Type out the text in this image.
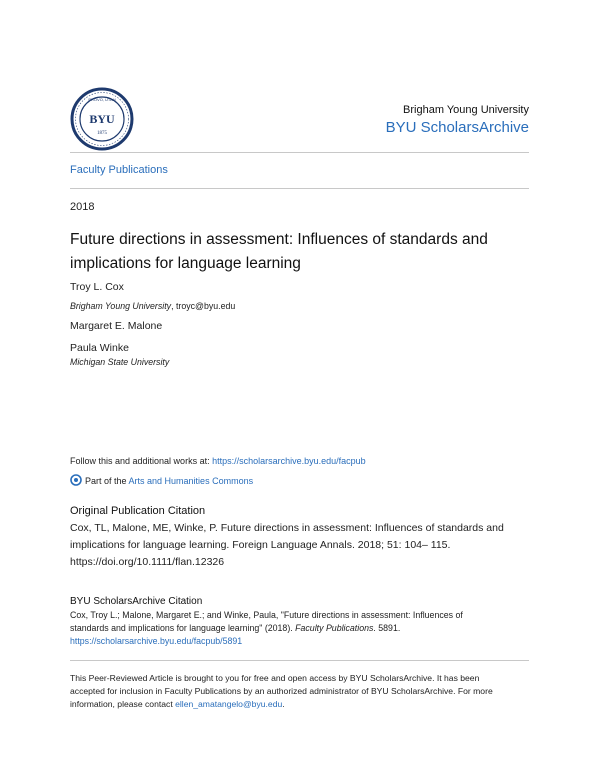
BYU
1875
PROVO, UTAH
Brigham Young University
BYU ScholarsArchive
Faculty Publications
2018
Future directions in assessment: Influences of standards and implications for language learning
Troy L. Cox
Brigham Young University, troyc@byu.edu
Margaret E. Malone
Paula Winke
Michigan State University
Follow this and additional works at: https://scholarsarchive.byu.edu/facpub
Part of the Arts and Humanities Commons
Original Publication Citation
Cox, TL, Malone, ME, Winke, P. Future directions in assessment: Influences of standards and
implications for language learning. Foreign Language Annals. 2018; 51: 104– 115.
https://doi.org/10.1111/flan.12326
BYU ScholarsArchive Citation
Cox, Troy L.; Malone, Margaret E.; and Winke, Paula, "Future directions in assessment: Influences of
standards and implications for language learning" (2018). Faculty Publications. 5891.
https://scholarsarchive.byu.edu/facpub/5891
This Peer-Reviewed Article is brought to you for free and open access by BYU ScholarsArchive. It has been
accepted for inclusion in Faculty Publications by an authorized administrator of BYU ScholarsArchive. For more
information, please contact ellen_amatangelo@byu.edu.
